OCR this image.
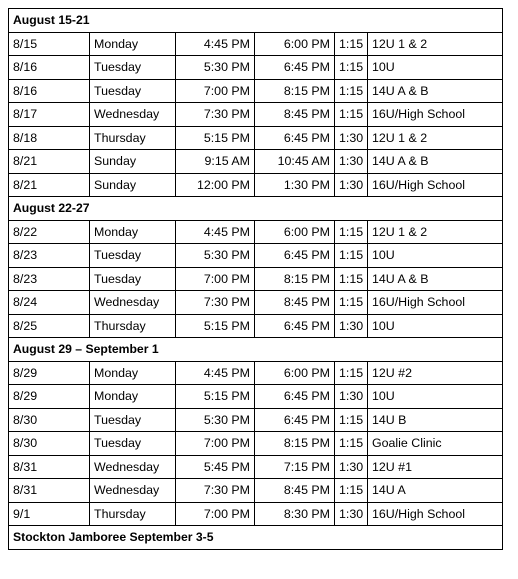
August 15-21					
8/15	Monday	4:45 PM	6:00 PM	1:15	12U 1 & 2
8/16	Tuesday	5:30 PM	6:45 PM	1:15	10U
8/16	Tuesday	7:00 PM	8:15 PM	1:15	14U A & B
8/17	Wednesday	7:30 PM	8:45 PM	1:15	16U/High School
8/18	Thursday	5:15 PM	6:45 PM	1:30	12U 1 & 2
8/21	Sunday	9:15 AM	10:45 AM	1:30	14U A & B
8/21	Sunday	12:00 PM	1:30 PM	1:30	16U/High School
August 22-27					
8/22	Monday	4:45 PM	6:00 PM	1:15	12U 1 & 2
8/23	Tuesday	5:30 PM	6:45 PM	1:15	10U
8/23	Tuesday	7:00 PM	8:15 PM	1:15	14U A & B
8/24	Wednesday	7:30 PM	8:45 PM	1:15	16U/High School
8/25	Thursday	5:15 PM	6:45 PM	1:30	10U
August 29 – September 1					
8/29	Monday	4:45 PM	6:00 PM	1:15	12U #2
8/29	Monday	5:15 PM	6:45 PM	1:30	10U
8/30	Tuesday	5:30 PM	6:45 PM	1:15	14U B
8/30	Tuesday	7:00 PM	8:15 PM	1:15	Goalie Clinic
8/31	Wednesday	5:45 PM	7:15 PM	1:30	12U #1
8/31	Wednesday	7:30 PM	8:45 PM	1:15	14U A
9/1	Thursday	7:00 PM	8:30 PM	1:30	16U/High School
Stockton Jamboree September 3-5					
